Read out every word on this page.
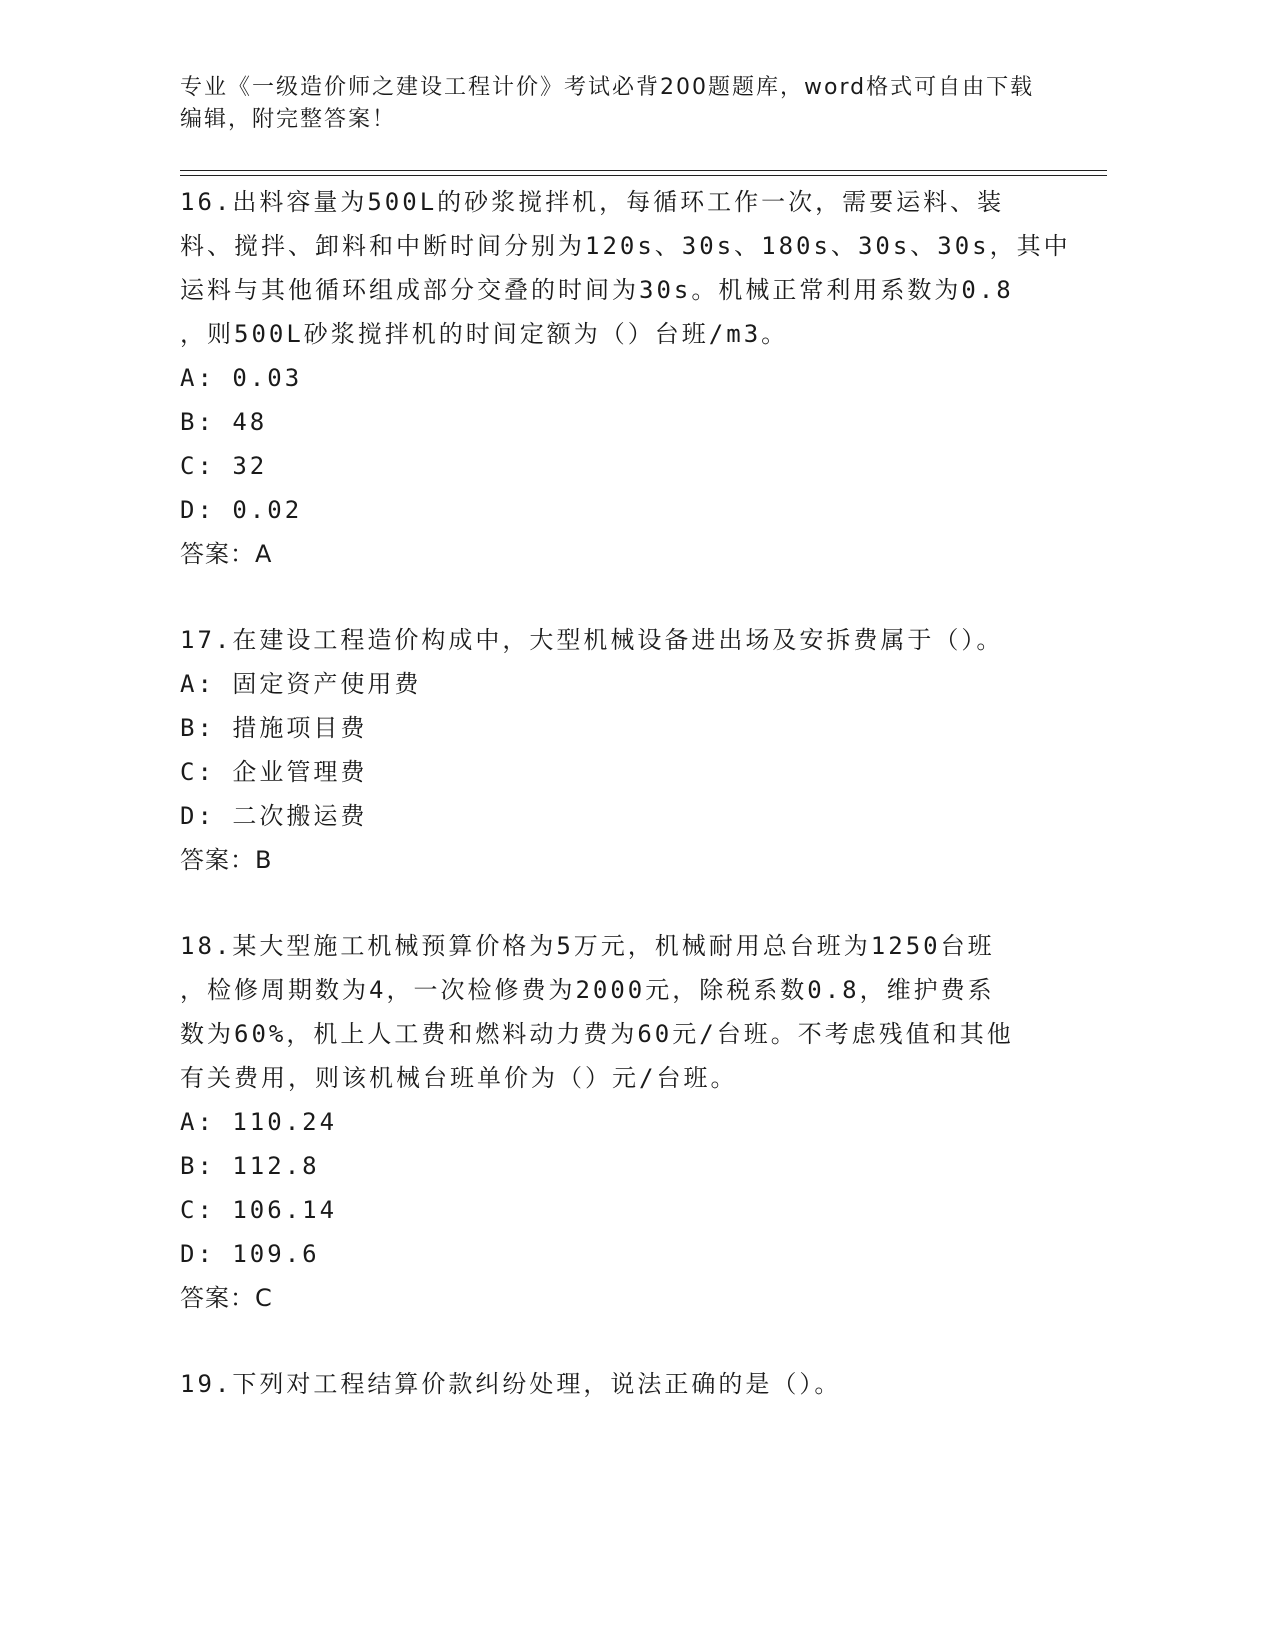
专业《一级造价师之建设工程计价》考试必背200题题库，word格式可自由下载
编辑，附完整答案！
16.出料容量为500L的砂浆搅拌机，每循环工作一次，需要运料、装
料、搅拌、卸料和中断时间分别为120s、30s、180s、30s、30s，其中
运料与其他循环组成部分交叠的时间为30s。机械正常利用系数为0.8
，则500L砂浆搅拌机的时间定额为（）台班/m3。
A: 0.03
B: 48
C: 32
D: 0.02
答案：A
17.在建设工程造价构成中，大型机械设备进出场及安拆费属于（）。
A: 固定资产使用费
B: 措施项目费
C: 企业管理费
D: 二次搬运费
答案：B
18.某大型施工机械预算价格为5万元，机械耐用总台班为1250台班
，检修周期数为4，一次检修费为2000元，除税系数0.8，维护费系
数为60%，机上人工费和燃料动力费为60元/台班。不考虑残值和其他
有关费用，则该机械台班单价为（）元/台班。
A: 110.24
B: 112.8
C: 106.14
D: 109.6
答案：C
19.下列对工程结算价款纠纷处理，说法正确的是（）。
